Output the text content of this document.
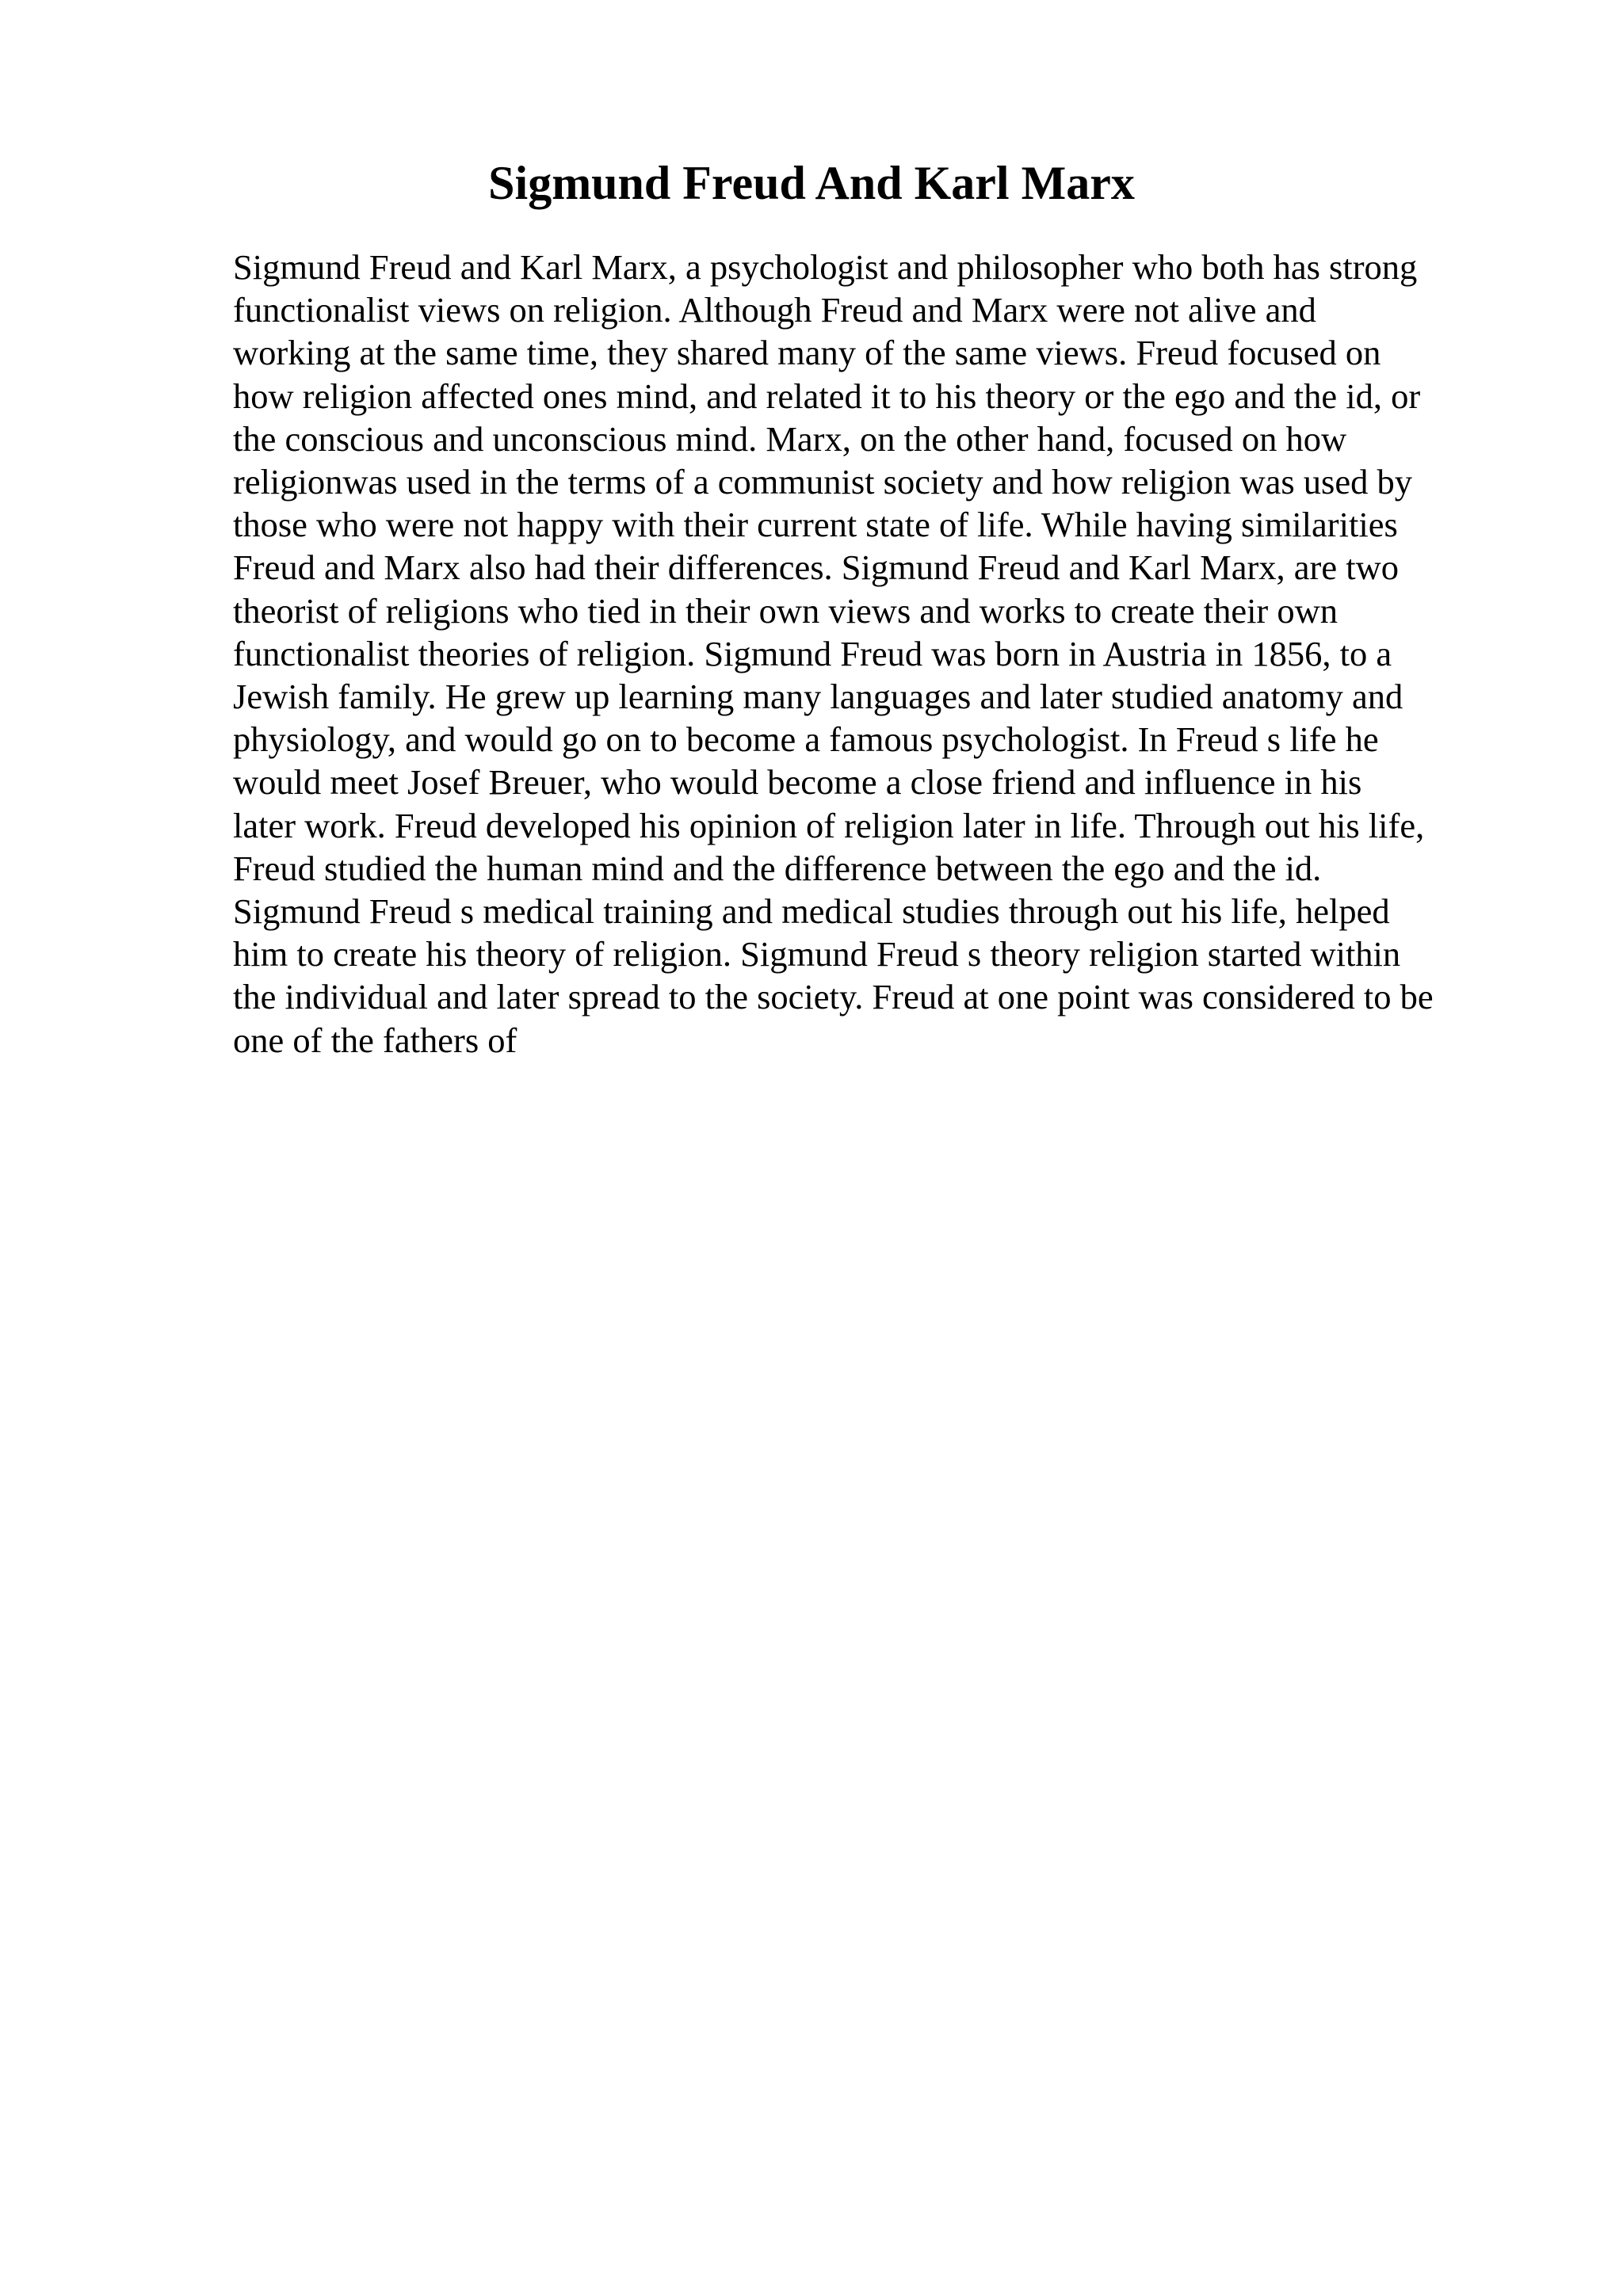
Sigmund Freud And Karl Marx
Sigmund Freud and Karl Marx, a psychologist and philosopher who both has strong
functionalist views on religion. Although Freud and Marx were not alive and
working at the same time, they shared many of the same views. Freud focused on
how religion affected ones mind, and related it to his theory or the ego and the id, or
the conscious and unconscious mind. Marx, on the other hand, focused on how
religionwas used in the terms of a communist society and how religion was used by
those who were not happy with their current state of life. While having similarities
Freud and Marx also had their differences. Sigmund Freud and Karl Marx, are two
theorist of religions who tied in their own views and works to create their own
functionalist theories of religion. Sigmund Freud was born in Austria in 1856, to a
Jewish family. He grew up learning many languages and later studied anatomy and
physiology, and would go on to become a famous psychologist. In Freud s life he
would meet Josef Breuer, who would become a close friend and influence in his
later work. Freud developed his opinion of religion later in life. Through out his life,
Freud studied the human mind and the difference between the ego and the id.
Sigmund Freud s medical training and medical studies through out his life, helped
him to create his theory of religion. Sigmund Freud s theory religion started within
the individual and later spread to the society. Freud at one point was considered to be
one of the fathers of
